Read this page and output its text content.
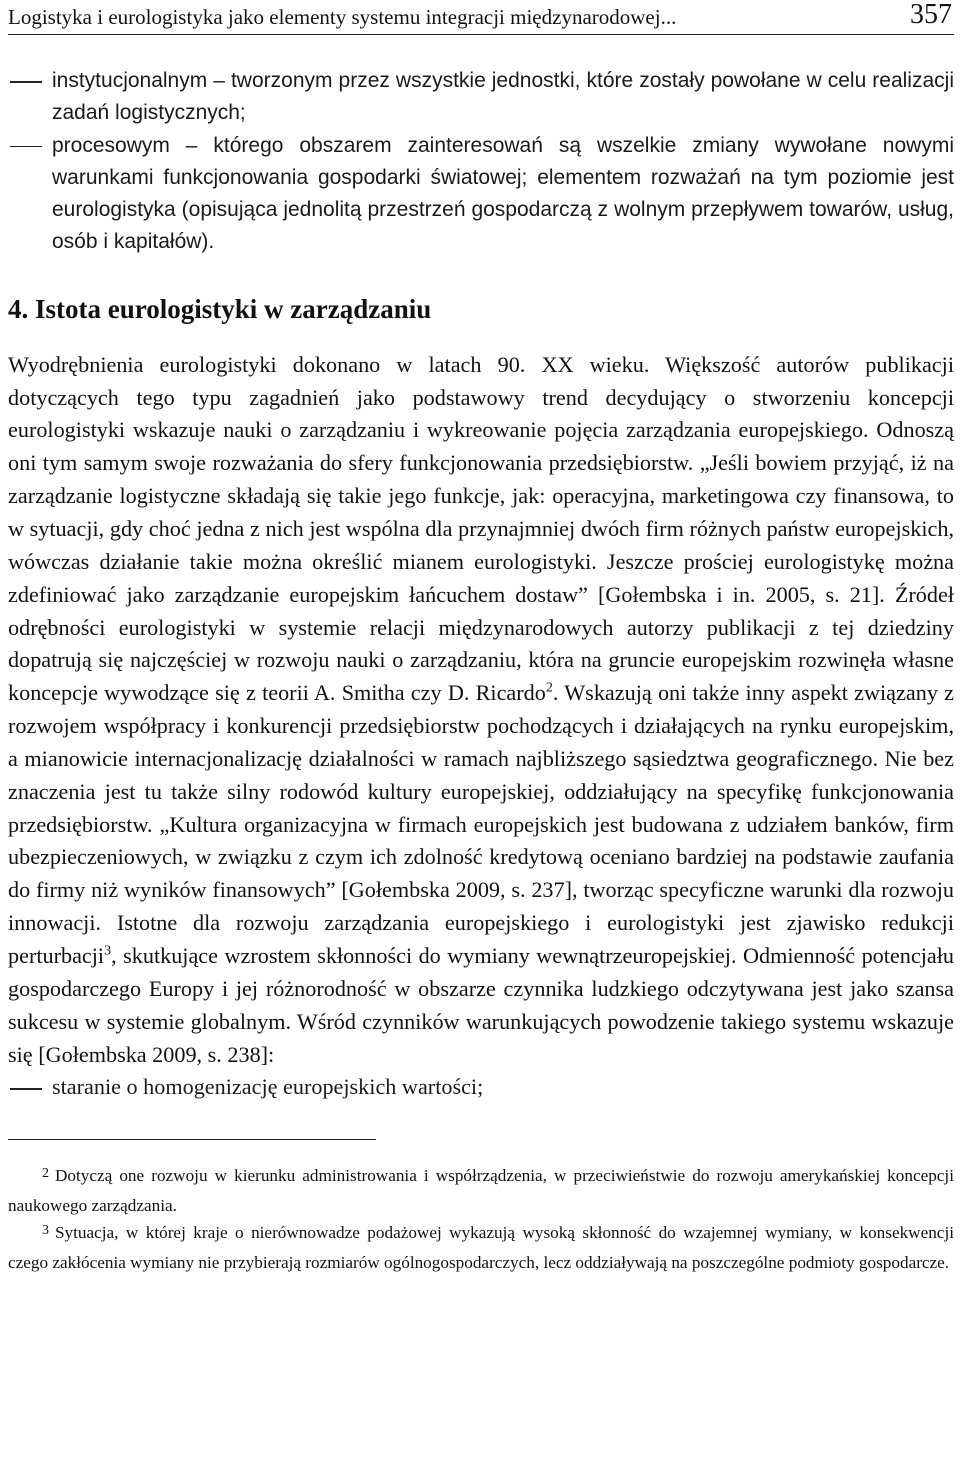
Logistyka i eurologistyka jako elementy systemu integracji międzynarodowej...	357
instytucjonalnym – tworzonym przez wszystkie jednostki, które zostały powołane w celu realizacji zadań logistycznych;
procesowym – którego obszarem zainteresowań są wszelkie zmiany wywołane nowymi warunkami funkcjonowania gospodarki światowej; elementem rozważań na tym poziomie jest eurologistyka (opisująca jednolitą przestrzeń gospodarczą z wolnym przepływem towarów, usług, osób i kapitałów).
4. Istota eurologistyki w zarządzaniu

Wyodrębnienia eurologistyki dokonano w latach 90. XX wieku. Większość autorów publikacji dotyczących tego typu zagadnień jako podstawowy trend decydujący o stworzeniu koncepcji eurologistyki wskazuje nauki o zarządzaniu i wykreowanie pojęcia zarządzania europejskiego. Odnoszą oni tym samym swoje rozważania do sfery funkcjonowania przedsiębiorstw. „Jeśli bowiem przyjąć, iż na zarządzanie logistyczne składają się takie jego funkcje, jak: operacyjna, marketingowa czy finansowa, to w sytuacji, gdy choć jedna z nich jest wspólna dla przynajmniej dwóch firm różnych państw europejskich, wówczas działanie takie można określić mianem eurologistyki. Jeszcze prościej eurologistykę można zdefiniować jako zarządzanie europejskim łańcuchem dostaw” [Gołembska i in. 2005, s. 21]. Źródeł odrębności eurologistyki w systemie relacji międzynarodowych autorzy publikacji z tej dziedziny dopatrują się najczęściej w rozwoju nauki o zarządzaniu, która na gruncie europejskim rozwinęła własne koncepcje wywodzące się z teorii A. Smitha czy D. Ricardo$^2$. Wskazują oni także inny aspekt związany z rozwojem współpracy i konkurencji przedsiębiorstw pochodzących i działających na rynku europejskim, a mianowicie internacjonalizację działalności w ramach najbliższego sąsiedztwa geograficznego. Nie bez znaczenia jest tu także silny rodowód kultury europejskiej, oddziałujący na specyfikę funkcjonowania przedsiębiorstw. „Kultura organizacyjna w firmach europejskich jest budowana z udziałem banków, firm ubezpieczeniowych, w związku z czym ich zdolność kredytową oceniano bardziej na podstawie zaufania do firmy niż wyników finansowych” [Gołembska 2009, s. 237], tworząc specyficzne warunki dla rozwoju innowacji. Istotne dla rozwoju zarządzania europejskiego i eurologistyki jest zjawisko redukcji perturbacji$^3$, skutkujące wzrostem skłonności do wymiany wewnątrzeuropejskiej. Odmienność potencjału gospodarczego Europy i jej różnorodność w obszarze czynnika ludzkiego odczytywana jest jako szansa sukcesu w systemie globalnym. Wśród czynników warunkujących powodzenie takiego systemu wskazuje się [Gołembska 2009, s. 238]:

staranie o homogenizację europejskich wartości;

$^2$ Dotyczą one rozwoju w kierunku administrowania i współrządzenia, w przeciwieństwie do rozwoju amerykańskiej koncepcji naukowego zarządzania.

$^3$ Sytuacja, w której kraje o nierównowadze podażowej wykazują wysoką skłonność do wzajemnej wymiany, w konsekwencji czego zakłócenia wymiany nie przybierają rozmiarów ogólnogospodarczych, lecz oddziaływają na poszczególne podmioty gospodarcze.
